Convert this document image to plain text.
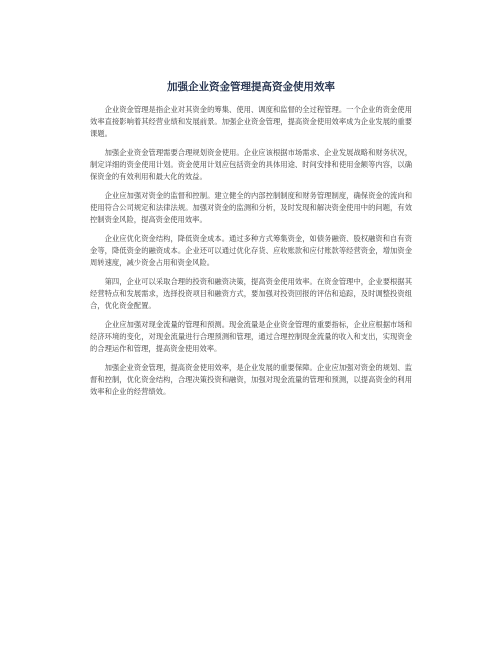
加强企业资金管理提高资金使用效率

企业资金管理是指企业对其资金的筹集、使用、调度和监督的全过程管理。一个企业的资金使用效率直接影响着其经营业绩和发展前景。加强企业资金管理，提高资金使用效率成为企业发展的重要课题。

加强企业资金管理需要合理规划资金使用。企业应该根据市场需求、企业发展战略和财务状况，制定详细的资金使用计划。资金使用计划应包括资金的具体用途、时间安排和使用金额等内容，以确保资金的有效利用和最大化的效益。

企业应加强对资金的监督和控制。建立健全的内部控制制度和财务管理制度，确保资金的流向和使用符合公司规定和法律法规。加强对资金的监测和分析，及时发现和解决资金使用中的问题，有效控制资金风险，提高资金使用效率。

企业应优化资金结构，降低资金成本。通过多种方式筹集资金，如债务融资、股权融资和自有资金等，降低资金的融资成本。企业还可以通过优化存货、应收账款和应付账款等经营资金，增加资金周转速度，减少资金占用和资金风险。

第四，企业可以采取合理的投资和融资决策，提高资金使用效率。在资金管理中，企业要根据其经营特点和发展需求，选择投资项目和融资方式，要加强对投资回报的评估和追踪，及时调整投资组合，优化资金配置。

企业应加强对现金流量的管理和预测。现金流量是企业资金管理的重要指标，企业应根据市场和经济环境的变化，对现金流量进行合理预测和管理，通过合理控制现金流量的收入和支出，实现资金的合理运作和管理，提高资金使用效率。

加强企业资金管理，提高资金使用效率，是企业发展的重要保障。企业应加强对资金的规划、监督和控制，优化资金结构，合理决策投资和融资，加强对现金流量的管理和预测，以提高资金的利用效率和企业的经营绩效。
